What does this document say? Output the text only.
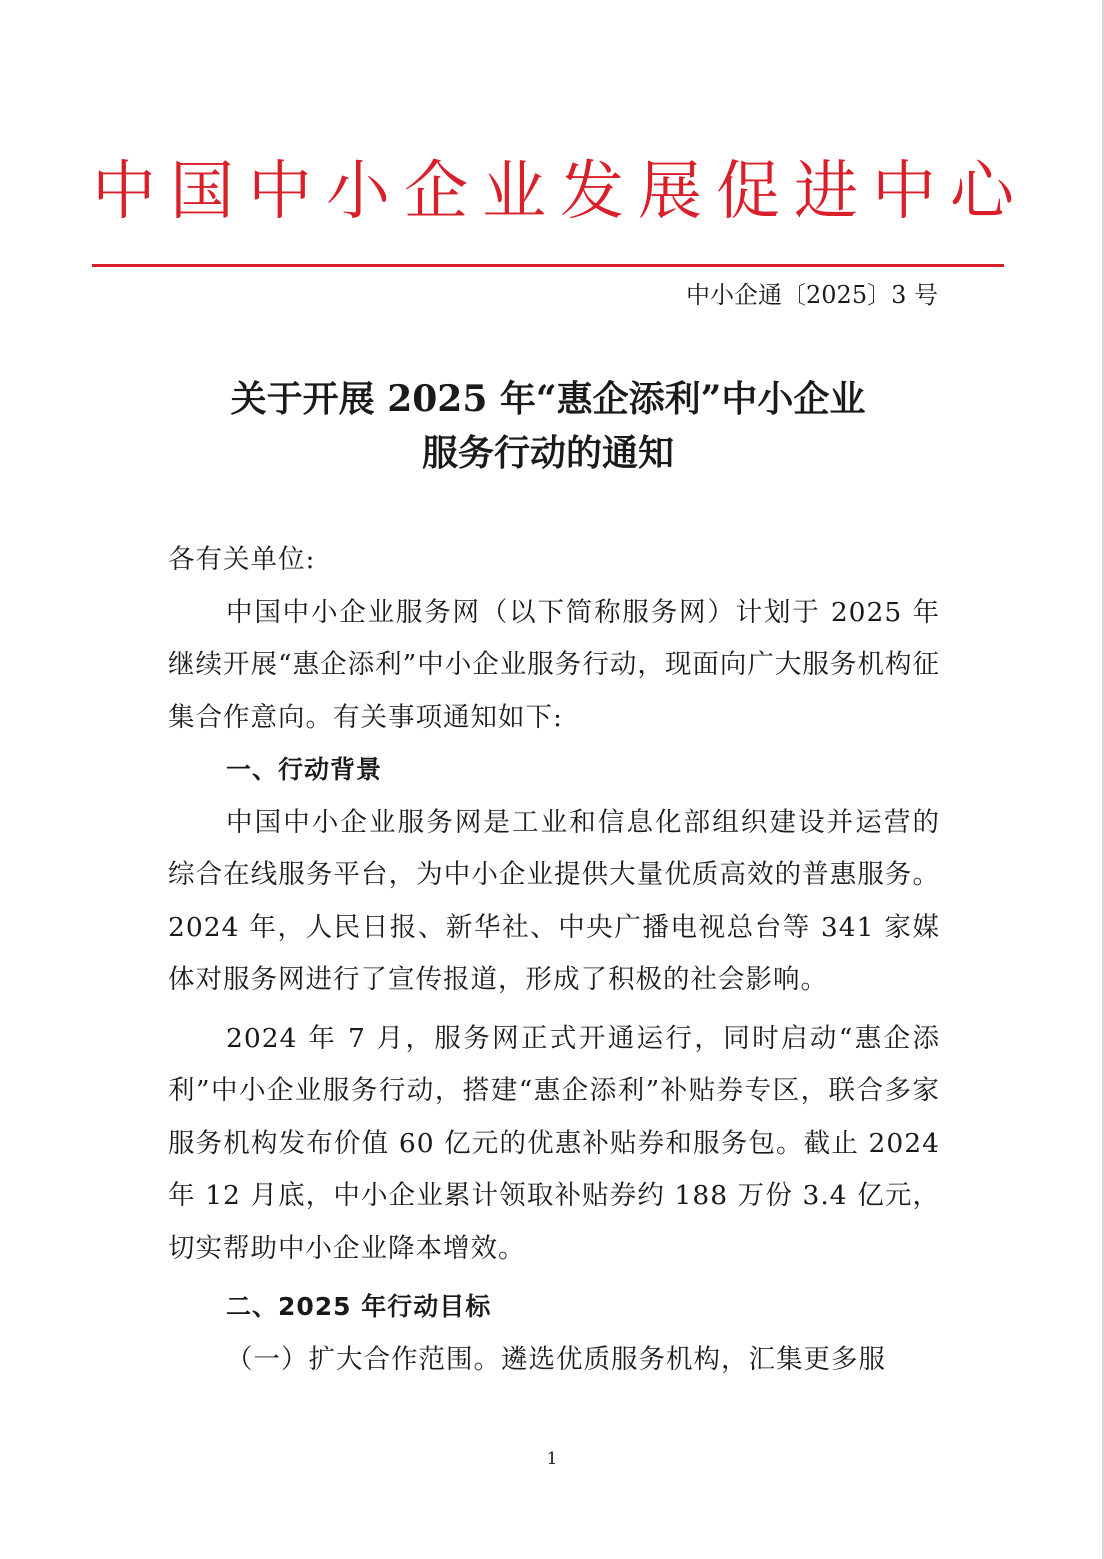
中国中小企业发展促进中心
中小企通〔2025〕3 号
关于开展 2025 年“惠企添利”中小企业
服务行动的通知

各有关单位:

中国中小企业服务网（以下简称服务网）计划于 2025 年继续开展“惠企添利”中小企业服务行动，现面向广大服务机构征集合作意向。有关事项通知如下:

一、行动背景

中国中小企业服务网是工业和信息化部组织建设并运营的综合在线服务平台，为中小企业提供大量优质高效的普惠服务。2024 年，人民日报、新华社、中央广播电视总台等 341 家媒体对服务网进行了宣传报道，形成了积极的社会影响。

2024 年 7 月，服务网正式开通运行，同时启动“惠企添利”中小企业服务行动，搭建“惠企添利”补贴券专区，联合多家服务机构发布价值 60 亿元的优惠补贴券和服务包。截止 2024 年 12 月底，中小企业累计领取补贴券约 188 万份 3.4 亿元，切实帮助中小企业降本增效。

二、2025 年行动目标

（一）扩大合作范围。遴选优质服务机构，汇集更多服

1
